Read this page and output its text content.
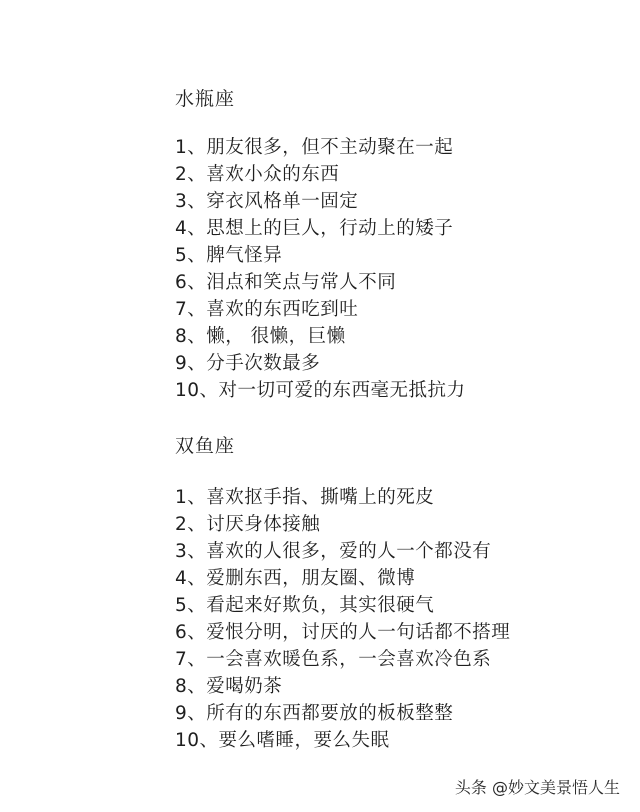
水瓶座
1、朋友很多，但不主动聚在一起
2、喜欢小众的东西
3、穿衣风格单一固定
4、思想上的巨人，行动上的矮子
5、脾气怪异
6、泪点和笑点与常人不同
7、喜欢的东西吃到吐
8、懒， 很懒，巨懒
9、分手次数最多
10、对一切可爱的东西毫无抵抗力
双鱼座
1、喜欢抠手指、撕嘴上的死皮
2、讨厌身体接触
3、喜欢的人很多，爱的人一个都没有
4、爱删东西，朋友圈、微博
5、看起来好欺负，其实很硬气
6、爱恨分明，讨厌的人一句话都不搭理
7、一会喜欢暖色系，一会喜欢冷色系
8、爱喝奶茶
9、所有的东西都要放的板板整整
10、要么嗜睡，要么失眠
头条 @妙文美景悟人生
